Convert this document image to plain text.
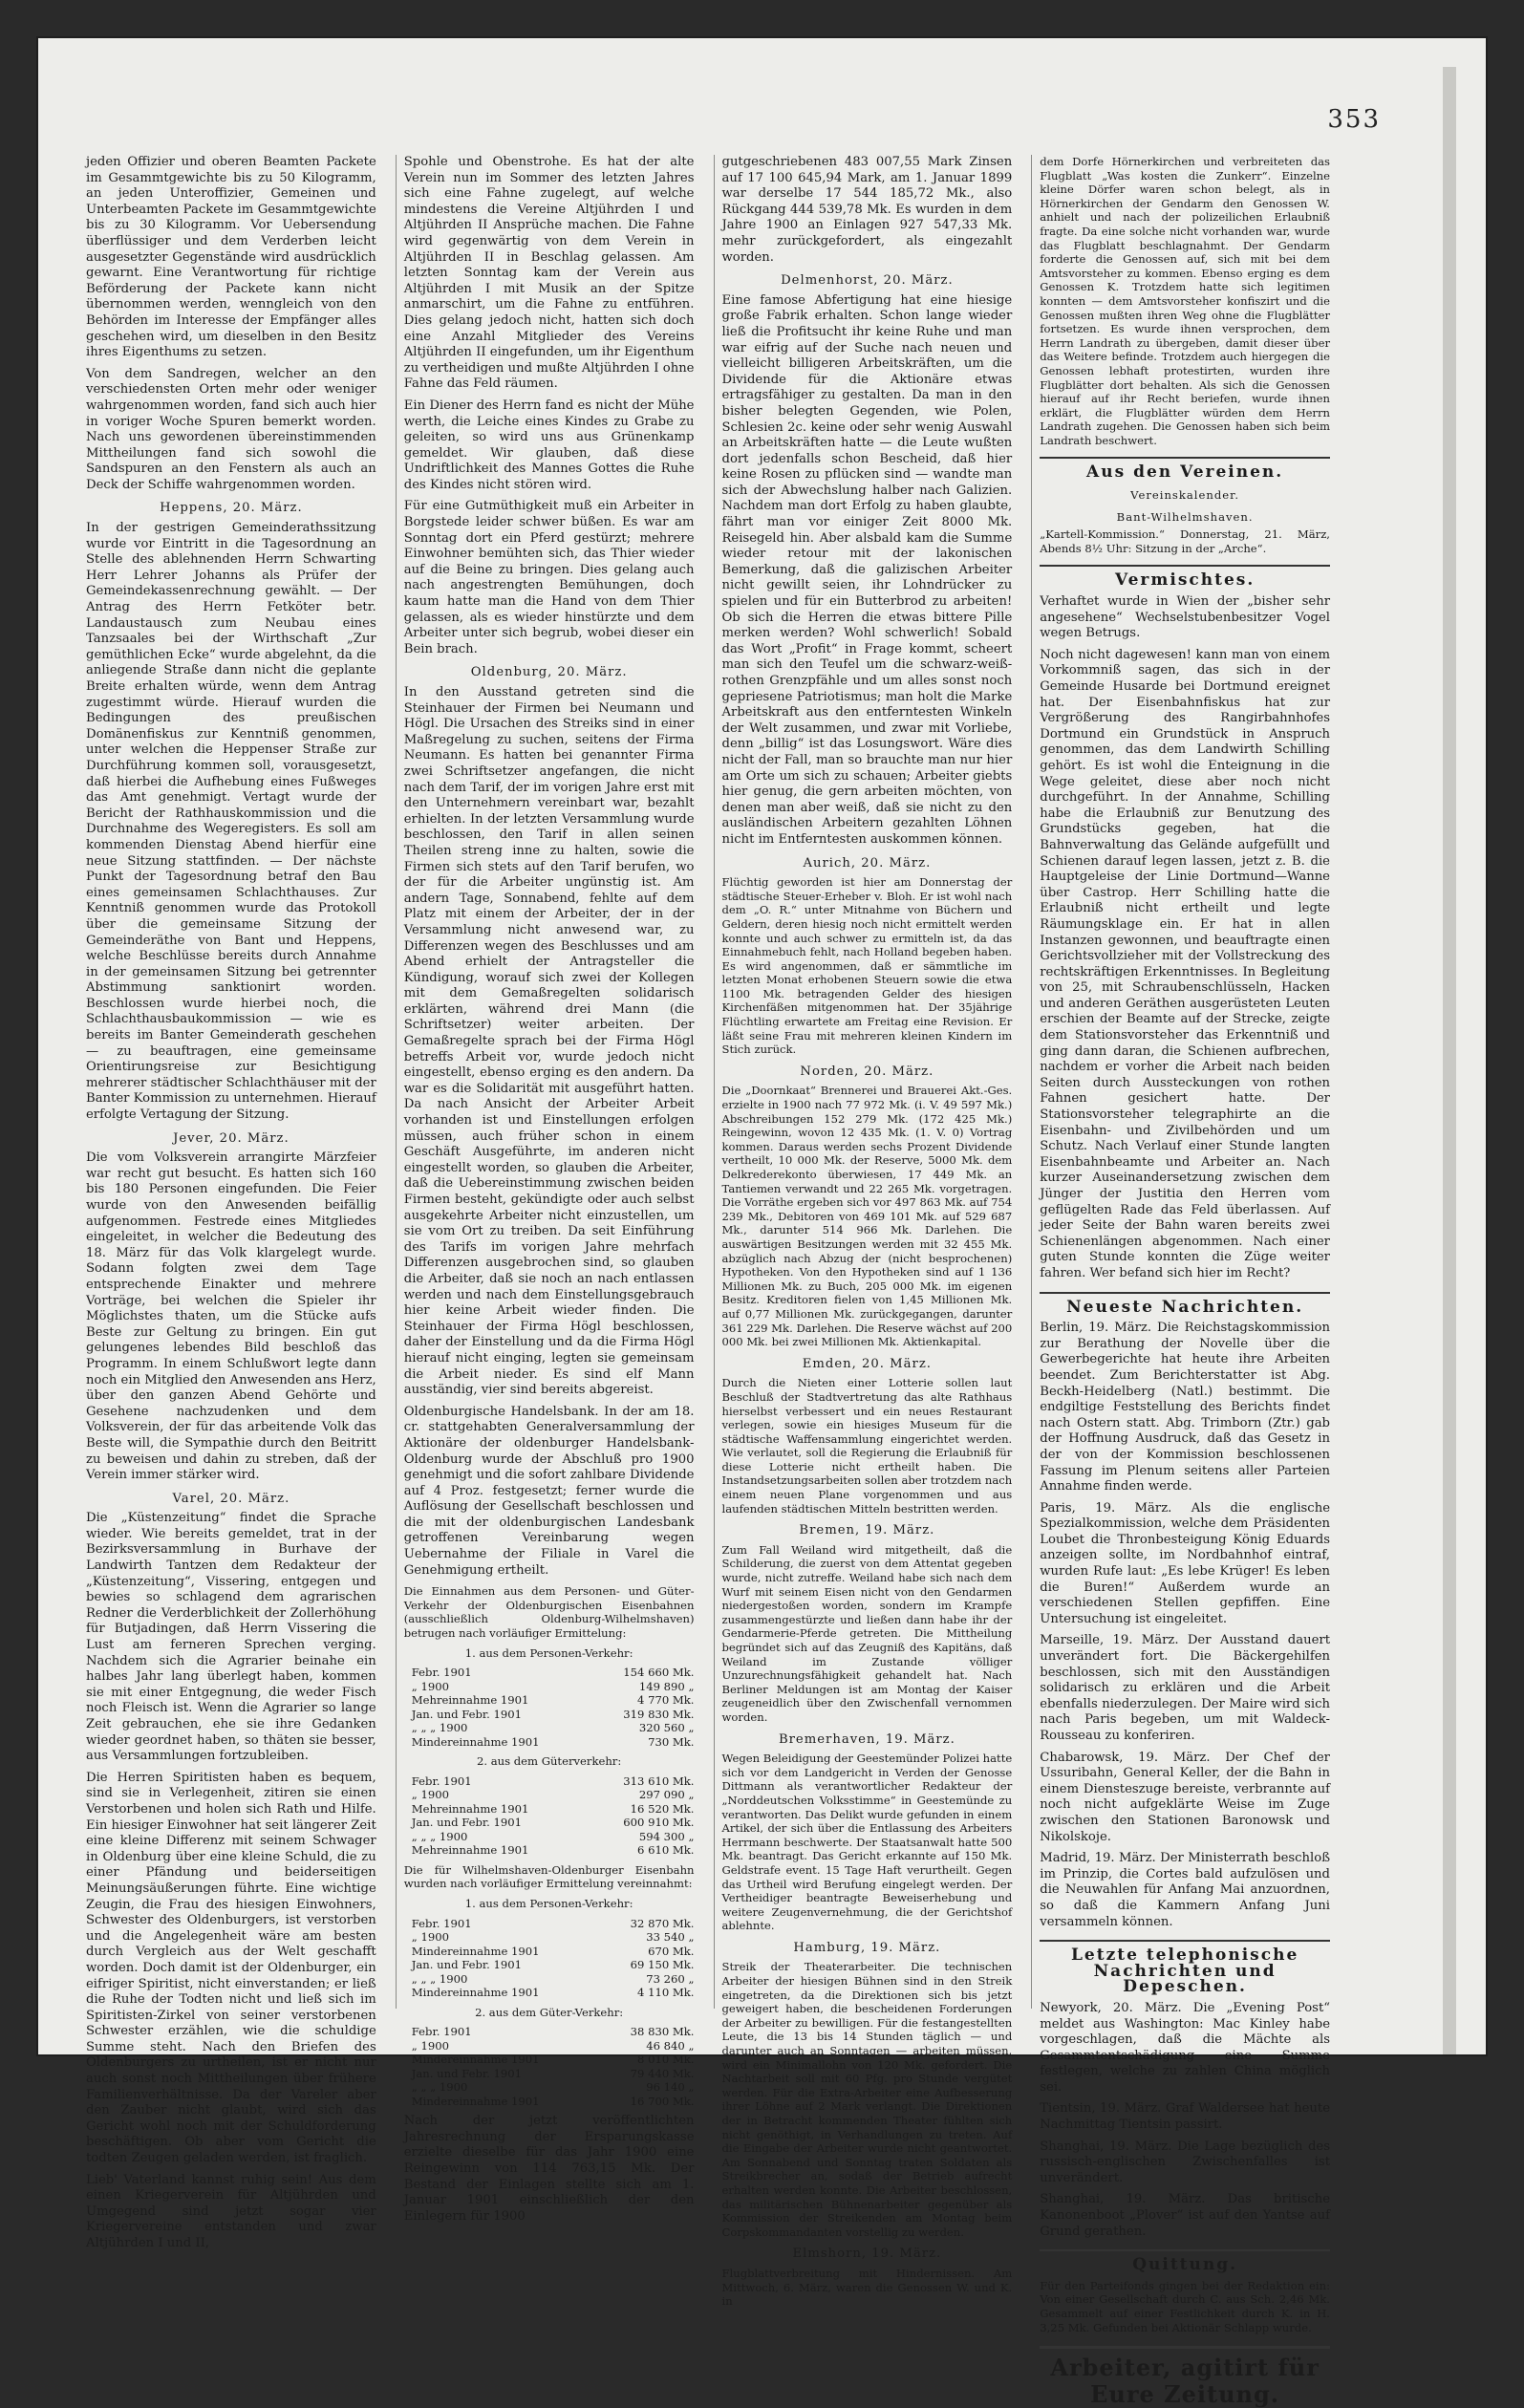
353

jeden Offizier und oberen Beamten Packete im Gesammtgewichte bis zu 50 Kilogramm, an jeden Unteroffizier, Gemeinen und Unterbeamten Packete im Gesammtgewichte bis zu 30 Kilogramm. Vor Uebersendung überflüssiger und dem Verderben leicht ausgesetzter Gegenstände wird ausdrücklich gewarnt. Eine Verantwortung für richtige Beförderung der Packete kann nicht übernommen werden, wenngleich von den Behörden im Interesse der Empfänger alles geschehen wird, um dieselben in den Besitz ihres Eigenthums zu setzen.

Von dem Sandregen, welcher an den verschiedensten Orten mehr oder weniger wahrgenommen worden, fand sich auch hier in voriger Woche Spuren bemerkt worden. Nach uns gewordenen übereinstimmenden Mittheilungen fand sich sowohl die Sandspuren an den Fenstern als auch an Deck der Schiffe wahrgenommen worden.

Heppens, 20. März.

In der gestrigen Gemeinderathssitzung wurde vor Eintritt in die Tagesordnung an Stelle des ablehnenden Herrn Schwarting Herr Lehrer Johanns als Prüfer der Gemeindekassenrechnung gewählt. — Der Antrag des Herrn Fetköter betr. Landaustausch zum Neubau eines Tanzsaales bei der Wirthschaft „Zur gemüthlichen Ecke“ wurde abgelehnt, da die anliegende Straße dann nicht die geplante Breite erhalten würde, wenn dem Antrag zugestimmt würde. Hierauf wurden die Bedingungen des preußischen Domänenfiskus zur Kenntniß genommen, unter welchen die Heppenser Straße zur Durchführung kommen soll, vorausgesetzt, daß hierbei die Aufhebung eines Fußweges das Amt genehmigt. Vertagt wurde der Bericht der Rathhauskommission und die Durchnahme des Wegeregisters. Es soll am kommenden Dienstag Abend hierfür eine neue Sitzung stattfinden. — Der nächste Punkt der Tagesordnung betraf den Bau eines gemeinsamen Schlachthauses. Zur Kenntniß genommen wurde das Protokoll über die gemeinsame Sitzung der Gemeinderäthe von Bant und Heppens, welche Beschlüsse bereits durch Annahme in der gemeinsamen Sitzung bei getrennter Abstimmung sanktionirt worden. Beschlossen wurde hierbei noch, die Schlachthausbaukommission — wie es bereits im Banter Gemeinderath geschehen — zu beauftragen, eine gemeinsame Orientirungsreise zur Besichtigung mehrerer städtischer Schlachthäuser mit der Banter Kommission zu unternehmen. Hierauf erfolgte Vertagung der Sitzung.

Jever, 20. März.

Die vom Volksverein arrangirte Märzfeier war recht gut besucht. Es hatten sich 160 bis 180 Personen eingefunden. Die Feier wurde von den Anwesenden beifällig aufgenommen. Festrede eines Mitgliedes eingeleitet, in welcher die Bedeutung des 18. März für das Volk klargelegt wurde. Sodann folgten zwei dem Tage entsprechende Einakter und mehrere Vorträge, bei welchen die Spieler ihr Möglichstes thaten, um die Stücke aufs Beste zur Geltung zu bringen. Ein gut gelungenes lebendes Bild beschloß das Programm. In einem Schlußwort legte dann noch ein Mitglied den Anwesenden ans Herz, über den ganzen Abend Gehörte und Gesehene nachzudenken und dem Volksverein, der für das arbeitende Volk das Beste will, die Sympathie durch den Beitritt zu beweisen und dahin zu streben, daß der Verein immer stärker wird.

Varel, 20. März.

Die „Küstenzeitung“ findet die Sprache wieder. Wie bereits gemeldet, trat in der Bezirksversammlung in Burhave der Landwirth Tantzen dem Redakteur der „Küstenzeitung“, Vissering, entgegen und bewies so schlagend dem agrarischen Redner die Verderblichkeit der Zollerhöhung für Butjadingen, daß Herrn Vissering die Lust am ferneren Sprechen verging. Nachdem sich die Agrarier beinahe ein halbes Jahr lang überlegt haben, kommen sie mit einer Entgegnung, die weder Fisch noch Fleisch ist. Wenn die Agrarier so lange Zeit gebrauchen, ehe sie ihre Gedanken wieder geordnet haben, so thäten sie besser, aus Versammlungen fortzubleiben.

Die Herren Spiritisten haben es bequem, sind sie in Verlegenheit, zitiren sie einen Verstorbenen und holen sich Rath und Hilfe. Ein hiesiger Einwohner hat seit längerer Zeit eine kleine Differenz mit seinem Schwager in Oldenburg über eine kleine Schuld, die zu einer Pfändung und beiderseitigen Meinungsäußerungen führte. Eine wichtige Zeugin, die Frau des hiesigen Einwohners, Schwester des Oldenburgers, ist verstorben und die Angelegenheit wäre am besten durch Vergleich aus der Welt geschafft worden. Doch damit ist der Oldenburger, ein eifriger Spiritist, nicht einverstanden; er ließ die Ruhe der Todten nicht und ließ sich im Spiritisten-Zirkel von seiner verstorbenen Schwester erzählen, wie die schuldige Summe steht. Nach den Briefen des Oldenburgers zu urtheilen, ist er nicht nur auch sonst noch Mittheilungen über frühere Familienverhältnisse. Da der Vareler aber den Zauber nicht glaubt, wird sich das Gericht wohl noch mit der Schuldforderung beschäftigen. Ob aber vom Gericht die todten Zeugen geladen werden, ist fraglich.

Lieb' Vaterland kannst ruhig sein! Aus dem einen Kriegerverein für Altjührden und Umgegend sind jetzt sogar vier Kriegervereine entstanden und zwar Altjührden I und II,

Spohle und Obenstrohe. Es hat der alte Verein nun im Sommer des letzten Jahres sich eine Fahne zugelegt, auf welche mindestens die Vereine Altjührden I und Altjührden II Ansprüche machen. Die Fahne wird gegenwärtig von dem Verein in Altjührden II in Beschlag gelassen. Am letzten Sonntag kam der Verein aus Altjührden I mit Musik an der Spitze anmarschirt, um die Fahne zu entführen. Dies gelang jedoch nicht, hatten sich doch eine Anzahl Mitglieder des Vereins Altjührden II eingefunden, um ihr Eigenthum zu vertheidigen und mußte Altjührden I ohne Fahne das Feld räumen.

Ein Diener des Herrn fand es nicht der Mühe werth, die Leiche eines Kindes zu Grabe zu geleiten, so wird uns aus Grünenkamp gemeldet. Wir glauben, daß diese Undriftlichkeit des Mannes Gottes die Ruhe des Kindes nicht stören wird.

Für eine Gutmüthigkeit muß ein Arbeiter in Borgstede leider schwer büßen. Es war am Sonntag dort ein Pferd gestürzt; mehrere Einwohner bemühten sich, das Thier wieder auf die Beine zu bringen. Dies gelang auch nach angestrengten Bemühungen, doch kaum hatte man die Hand von dem Thier gelassen, als es wieder hinstürzte und dem Arbeiter unter sich begrub, wobei dieser ein Bein brach.

Oldenburg, 20. März.

In den Ausstand getreten sind die Steinhauer der Firmen bei Neumann und Högl. Die Ursachen des Streiks sind in einer Maßregelung zu suchen, seitens der Firma Neumann. Es hatten bei genannter Firma zwei Schriftsetzer angefangen, die nicht nach dem Tarif, der im vorigen Jahre erst mit den Unternehmern vereinbart war, bezahlt erhielten. In der letzten Versammlung wurde beschlossen, den Tarif in allen seinen Theilen streng inne zu halten, sowie die Firmen sich stets auf den Tarif berufen, wo der für die Arbeiter ungünstig ist. Am andern Tage, Sonnabend, fehlte auf dem Platz mit einem der Arbeiter, der in der Versammlung nicht anwesend war, zu Differenzen wegen des Beschlusses und am Abend erhielt der Antragsteller die Kündigung, worauf sich zwei der Kollegen mit dem Gemaßregelten solidarisch erklärten, während drei Mann (die Schriftsetzer) weiter arbeiten. Der Gemaßregelte sprach bei der Firma Högl betreffs Arbeit vor, wurde jedoch nicht eingestellt, ebenso erging es den andern. Da war es die Solidarität mit ausgeführt hatten. Da nach Ansicht der Arbeiter Arbeit vorhanden ist und Einstellungen erfolgen müssen, auch früher schon in einem Geschäft Ausgeführte, im anderen nicht eingestellt worden, so glauben die Arbeiter, daß die Uebereinstimmung zwischen beiden Firmen besteht, gekündigte oder auch selbst ausgekehrte Arbeiter nicht einzustellen, um sie vom Ort zu treiben. Da seit Einführung des Tarifs im vorigen Jahre mehrfach Differenzen ausgebrochen sind, so glauben die Arbeiter, daß sie noch an nach entlassen werden und nach dem Einstellungsgebrauch hier keine Arbeit wieder finden. Die Steinhauer der Firma Högl beschlossen, daher der Einstellung und da die Firma Högl hierauf nicht einging, legten sie gemeinsam die Arbeit nieder. Es sind elf Mann ausständig, vier sind bereits abgereist.

Oldenburgische Handelsbank. In der am 18. cr. stattgehabten Generalversammlung der Aktionäre der oldenburger Handelsbank-Oldenburg wurde der Abschluß pro 1900 genehmigt und die sofort zahlbare Dividende auf 4 Proz. festgesetzt; ferner wurde die Auflösung der Gesellschaft beschlossen und die mit der oldenburgischen Landesbank getroffenen Vereinbarung wegen Uebernahme der Filiale in Varel die Genehmigung ertheilt.

Die Einnahmen aus dem Personen- und Güter-Verkehr der Oldenburgischen Eisenbahnen (ausschließlich Oldenburg-Wilhelmshaven) betrugen nach vorläufiger Ermittelung:

1. aus dem Personen-Verkehr:

Febr. 1901	154 660 Mk.
„ 1900	149 890 „
Mehreinnahme 1901	4 770 Mk.
Jan. und Febr. 1901	319 830 Mk.
„ „ „ 1900	320 560 „
Mindereinnahme 1901	730 Mk.

2. aus dem Güterverkehr:

Febr. 1901	313 610 Mk.
„ 1900	297 090 „
Mehreinnahme 1901	16 520 Mk.
Jan. und Febr. 1901	600 910 Mk.
„ „ „ 1900	594 300 „
Mehreinnahme 1901	6 610 Mk.

Die für Wilhelmshaven-Oldenburger Eisenbahn wurden nach vorläufiger Ermittelung vereinnahmt:

1. aus dem Personen-Verkehr:

Febr. 1901	32 870 Mk.
„ 1900	33 540 „
Mindereinnahme 1901	670 Mk.
Jan. und Febr. 1901	69 150 Mk.
„ „ „ 1900	73 260 „
Mindereinnahme 1901	4 110 Mk.

2. aus dem Güter-Verkehr:

Febr. 1901	38 830 Mk.
„ 1900	46 840 „
Mindereinnahme 1901	8 010 Mk.
Jan. und Febr. 1901	79 440 Mk.
„ „ „ 1900	96 140 „
Mindereinnahme 1901	16 700 Mk.

Nach der jetzt veröffentlichten Jahresrechnung der Ersparungskasse erzielte dieselbe für das Jahr 1900 eine Reingewinn von 114 763,15 Mk. Der Bestand der Einlagen stellte sich am 1. Januar 1901 einschließlich der den Einlegern für 1900

gutgeschriebenen 483 007,55 Mark Zinsen auf 17 100 645,94 Mark, am 1. Januar 1899 war derselbe 17 544 185,72 Mk., also Rückgang 444 539,78 Mk. Es wurden in dem Jahre 1900 an Einlagen 927 547,33 Mk. mehr zurückgefordert, als eingezahlt worden.

Delmenhorst, 20. März.

Eine famose Abfertigung hat eine hiesige große Fabrik erhalten. Schon lange wieder ließ die Profitsucht ihr keine Ruhe und man war eifrig auf der Suche nach neuen und vielleicht billigeren Arbeitskräften, um die Dividende für die Aktionäre etwas ertragsfähiger zu gestalten. Da man in den bisher belegten Gegenden, wie Polen, Schlesien 2c. keine oder sehr wenig Auswahl an Arbeitskräften hatte — die Leute wußten dort jedenfalls schon Bescheid, daß hier keine Rosen zu pflücken sind — wandte man sich der Abwechslung halber nach Galizien. Nachdem man dort Erfolg zu haben glaubte, fährt man vor einiger Zeit 8000 Mk. Reisegeld hin. Aber alsbald kam die Summe wieder retour mit der lakonischen Bemerkung, daß die galizischen Arbeiter nicht gewillt seien, ihr Lohndrücker zu spielen und für ein Butterbrod zu arbeiten! Ob sich die Herren die etwas bittere Pille merken werden? Wohl schwerlich! Sobald das Wort „Profit“ in Frage kommt, scheert man sich den Teufel um die schwarz-weiß-rothen Grenzpfähle und um alles sonst noch gepriesene Patriotismus; man holt die Marke Arbeitskraft aus den entferntesten Winkeln der Welt zusammen, und zwar mit Vorliebe, denn „billig“ ist das Losungswort. Wäre dies nicht der Fall, man so brauchte man nur hier am Orte um sich zu schauen; Arbeiter giebts hier genug, die gern arbeiten möchten, von denen man aber weiß, daß sie nicht zu den ausländischen Arbeitern gezahlten Löhnen nicht im Entferntesten auskommen können.

Aurich, 20. März.

Flüchtig geworden ist hier am Donnerstag der städtische Steuer-Erheber v. Bloh. Er ist wohl nach dem „O. R.“ unter Mitnahme von Büchern und Geldern, deren hiesig noch nicht ermittelt werden konnte und auch schwer zu ermitteln ist, da das Einnahmebuch fehlt, nach Holland begeben haben. Es wird angenommen, daß er sämmtliche im letzten Monat erhobenen Steuern sowie die etwa 1100 Mk. betragenden Gelder des hiesigen Kirchenfäßen mitgenommen hat. Der 35jährige Flüchtling erwartete am Freitag eine Revision. Er läßt seine Frau mit mehreren kleinen Kindern im Stich zurück.

Norden, 20. März.

Die „Doornkaat“ Brennerei und Brauerei Akt.-Ges. erzielte in 1900 nach 77 972 Mk. (i. V. 49 597 Mk.) Abschreibungen 152 279 Mk. (172 425 Mk.) Reingewinn, wovon 12 435 Mk. (1. V. 0) Vortrag kommen. Daraus werden sechs Prozent Dividende vertheilt, 10 000 Mk. der Reserve, 5000 Mk. dem Delkrederekonto überwiesen, 17 449 Mk. an Tantiemen verwandt und 22 265 Mk. vorgetragen. Die Vorräthe ergeben sich vor 497 863 Mk. auf 754 239 Mk., Debitoren von 469 101 Mk. auf 529 687 Mk., darunter 514 966 Mk. Darlehen. Die auswärtigen Besitzungen werden mit 32 455 Mk. abzüglich nach Abzug der (nicht besprochenen) Hypotheken. Von den Hypotheken sind auf 1 136 Millionen Mk. zu Buch, 205 000 Mk. im eigenen Besitz. Kreditoren fielen von 1,45 Millionen Mk. auf 0,77 Millionen Mk. zurückgegangen, darunter 361 229 Mk. Darlehen. Die Reserve wächst auf 200 000 Mk. bei zwei Millionen Mk. Aktienkapital.

Emden, 20. März.

Durch die Nieten einer Lotterie sollen laut Beschluß der Stadtvertretung das alte Rathhaus hierselbst verbessert und ein neues Restaurant verlegen, sowie ein hiesiges Museum für die städtische Waffensammlung eingerichtet werden. Wie verlautet, soll die Regierung die Erlaubniß für diese Lotterie nicht ertheilt haben. Die Instandsetzungsarbeiten sollen aber trotzdem nach einem neuen Plane vorgenommen und aus laufenden städtischen Mitteln bestritten werden.

Bremen, 19. März.

Zum Fall Weiland wird mitgetheilt, daß die Schilderung, die zuerst von dem Attentat gegeben wurde, nicht zutreffe. Weiland habe sich nach dem Wurf mit seinem Eisen nicht von den Gendarmen niedergestoßen worden, sondern im Krampfe zusammengestürzte und ließen dann habe ihr der Gendarmerie-Pferde getreten. Die Mittheilung begründet sich auf das Zeugniß des Kapitäns, daß Weiland im Zustande völliger Unzurechnungsfähigkeit gehandelt hat. Nach Berliner Meldungen ist am Montag der Kaiser zeugeneidlich über den Zwischenfall vernommen worden.

Bremerhaven, 19. März.

Wegen Beleidigung der Geestemünder Polizei hatte sich vor dem Landgericht in Verden der Genosse Dittmann als verantwortlicher Redakteur der „Norddeutschen Volksstimme“ in Geestemünde zu verantworten. Das Delikt wurde gefunden in einem Artikel, der sich über die Entlassung des Arbeiters Herrmann beschwerte. Der Staatsanwalt hatte 500 Mk. beantragt. Das Gericht erkannte auf 150 Mk. Geldstrafe event. 15 Tage Haft verurtheilt. Gegen das Urtheil wird Berufung eingelegt werden. Der Vertheidiger beantragte Beweiserhebung und weitere Zeugenvernehmung, die der Gerichtshof ablehnte.

Hamburg, 19. März.

Streik der Theaterarbeiter. Die technischen Arbeiter der hiesigen Bühnen sind in den Streik eingetreten, da die Direktionen sich bis jetzt geweigert haben, die bescheidenen Forderungen der Arbeiter zu bewilligen. Für die festangestellten Leute, die 13 bis 14 Stunden täglich — und darunter auch an Sonntagen — arbeiten müssen, wird ein Minimallohn von 120 Mk. gefordert. Die Nachtarbeit soll mit 60 Pfg. pro Stunde vergütet werden. Für die Extra-Arbeiter eine Aufbesserung ihrer Löhne auf 2 Mark verlangt. Die Direktionen der in Betracht kommenden Theater fühlten sich nicht genöthigt, in Verhandlungen zu treten. Auf die Eingabe der Arbeiter wurde nicht geantwortet. Am Sonnabend und Sonntag traten Soldaten als Streikbrecher an, sodaß der Betrieb aufrecht erhalten werden konnte. Die Arbeiter beschlossen, das militärischen Bühnenarbeiter gegenüber als Kommission der Streikenden am Montag beim Corpskommandanten vorstellig zu werden.

Elmshorn, 19. März.

Flugblattverbreitung mit Hindernissen. Am Mittwoch, 6. März, waren die Genossen W. und K. in

dem Dorfe Hörnerkirchen und verbreiteten das Flugblatt „Was kosten die Zunkerr“. Einzelne kleine Dörfer waren schon belegt, als in Hörnerkirchen der Gendarm den Genossen W. anhielt und nach der polizeilichen Erlaubniß fragte. Da eine solche nicht vorhanden war, wurde das Flugblatt beschlagnahmt. Der Gendarm forderte die Genossen auf, sich mit bei dem Amtsvorsteher zu kommen. Ebenso erging es dem Genossen K. Trotzdem hatte sich legitimen konnten — dem Amtsvorsteher konfiszirt und die Genossen mußten ihren Weg ohne die Flugblätter fortsetzen. Es wurde ihnen versprochen, dem Herrn Landrath zu übergeben, damit dieser über das Weitere befinde. Trotzdem auch hiergegen die Genossen lebhaft protestirten, wurden ihre Flugblätter dort behalten. Als sich die Genossen hierauf auf ihr Recht beriefen, wurde ihnen erklärt, die Flugblätter würden dem Herrn Landrath zugehen. Die Genossen haben sich beim Landrath beschwert.

Aus den Vereinen.

Vereinskalender.

Bant-Wilhelmshaven.

„Kartell-Kommission.“ Donnerstag, 21. März, Abends 8½ Uhr: Sitzung in der „Arche“.

Vermischtes.

Verhaftet wurde in Wien der „bisher sehr angesehene“ Wechselstubenbesitzer Vogel wegen Betrugs.

Noch nicht dagewesen! kann man von einem Vorkommniß sagen, das sich in der Gemeinde Husarde bei Dortmund ereignet hat. Der Eisenbahnfiskus hat zur Vergrößerung des Rangirbahnhofes Dortmund ein Grundstück in Anspruch genommen, das dem Landwirth Schilling gehört. Es ist wohl die Enteignung in die Wege geleitet, diese aber noch nicht durchgeführt. In der Annahme, Schilling habe die Erlaubniß zur Benutzung des Grundstücks gegeben, hat die Bahnverwaltung das Gelände aufgefüllt und Schienen darauf legen lassen, jetzt z. B. die Hauptgeleise der Linie Dortmund—Wanne über Castrop. Herr Schilling hatte die Erlaubniß nicht ertheilt und legte Räumungsklage ein. Er hat in allen Instanzen gewonnen, und beauftragte einen Gerichtsvollzieher mit der Vollstreckung des rechtskräftigen Erkenntnisses. In Begleitung von 25, mit Schraubenschlüsseln, Hacken und anderen Geräthen ausgerüsteten Leuten erschien der Beamte auf der Strecke, zeigte dem Stationsvorsteher das Erkenntniß und ging dann daran, die Schienen aufbrechen, nachdem er vorher die Arbeit nach beiden Seiten durch Aussteckungen von rothen Fahnen gesichert hatte. Der Stationsvorsteher telegraphirte an die Eisenbahn- und Zivilbehörden und um Schutz. Nach Verlauf einer Stunde langten Eisenbahnbeamte und Arbeiter an. Nach kurzer Auseinandersetzung zwischen dem Jünger der Justitia den Herren vom geflügelten Rade das Feld überlassen. Auf jeder Seite der Bahn waren bereits zwei Schienenlängen abgenommen. Nach einer guten Stunde konnten die Züge weiter fahren. Wer befand sich hier im Recht?

Neueste Nachrichten.

Berlin, 19. März. Die Reichstagskommission zur Berathung der Novelle über die Gewerbegerichte hat heute ihre Arbeiten beendet. Zum Berichterstatter ist Abg. Beckh-Heidelberg (Natl.) bestimmt. Die endgiltige Feststellung des Berichts findet nach Ostern statt. Abg. Trimborn (Ztr.) gab der Hoffnung Ausdruck, daß das Gesetz in der von der Kommission beschlossenen Fassung im Plenum seitens aller Parteien Annahme finden werde.

Paris, 19. März. Als die englische Spezialkommission, welche dem Präsidenten Loubet die Thronbesteigung König Eduards anzeigen sollte, im Nordbahnhof eintraf, wurden Rufe laut: „Es lebe Krüger! Es leben die Buren!“ Außerdem wurde an verschiedenen Stellen gepfiffen. Eine Untersuchung ist eingeleitet.

Marseille, 19. März. Der Ausstand dauert unverändert fort. Die Bäckergehilfen beschlossen, sich mit den Ausständigen solidarisch zu erklären und die Arbeit ebenfalls niederzulegen. Der Maire wird sich nach Paris begeben, um mit Waldeck-Rousseau zu konferiren.

Chabarowsk, 19. März. Der Chef der Ussuribahn, General Keller, der die Bahn in einem Diensteszuge bereiste, verbrannte auf noch nicht aufgeklärte Weise im Zuge zwischen den Stationen Baronowsk und Nikolskoje.

Madrid, 19. März. Der Ministerrath beschloß im Prinzip, die Cortes bald aufzulösen und die Neuwahlen für Anfang Mai anzuordnen, so daß die Kammern Anfang Juni versammeln können.

Letzte telephonische Nachrichten und Depeschen.

Newyork, 20. März. Die „Evening Post“ meldet aus Washington: Mac Kinley habe vorgeschlagen, daß die Mächte als Gesammtentschädigung eine Summe festlegen, welche zu zahlen China möglich sei.

Tientsin, 19. März. Graf Waldersee hat heute Nachmittag Tientsin passirt.

Shanghai, 19. März. Die Lage bezüglich des russisch-englischen Zwischenfalles ist unverändert.

Shanghai, 19. März. Das britische Kanonenboot „Plover“ ist auf den Yantse auf Grund gerathen.

Quittung.

Für den Parteifonds gingen bei der Redaktion ein: Von einer Gesellschaft durch C. aus Sch. 2,46 Mk. Gesammelt auf einer Festlichkeit durch K. in H. 3,25 Mk. Gefunden bei Aktionär Schlapp wurde.

Arbeiter, agitirt für Eure Zeitung.
